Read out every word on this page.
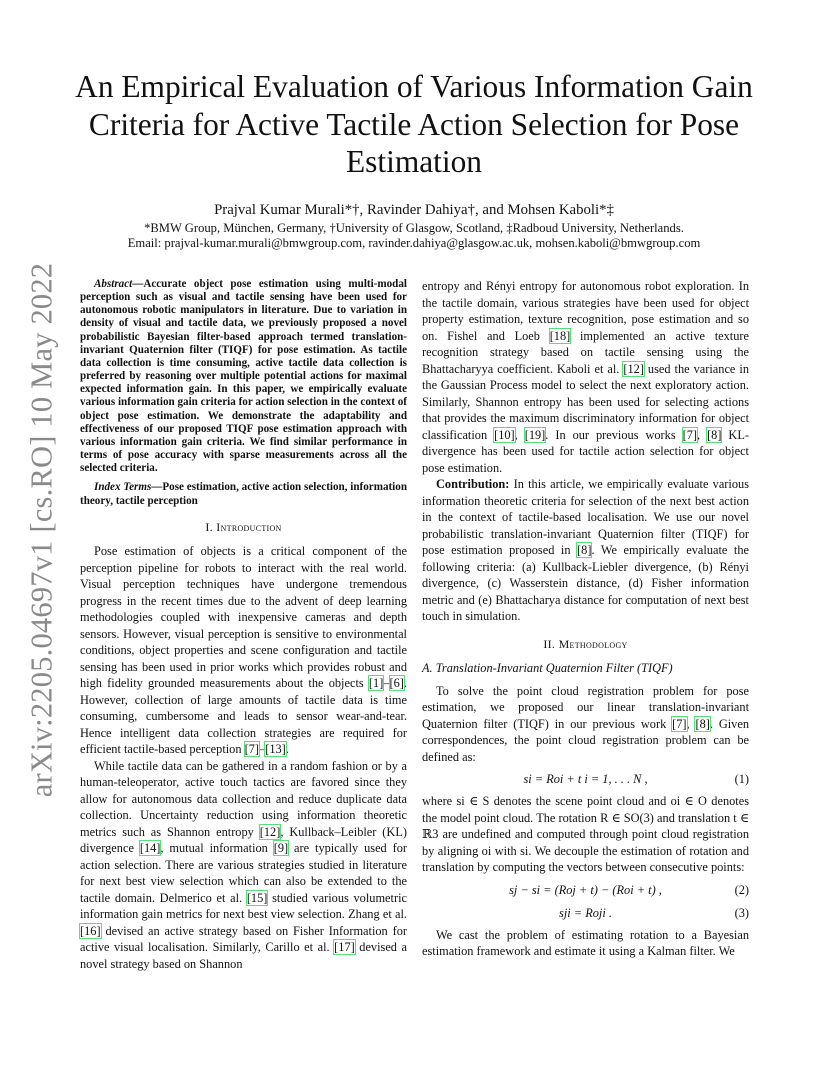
arXiv:2205.04697v1 [cs.RO] 10 May 2022
An Empirical Evaluation of Various Information Gain Criteria for Active Tactile Action Selection for Pose Estimation
Prajval Kumar Murali*†, Ravinder Dahiya†, and Mohsen Kaboli*‡
*BMW Group, München, Germany, †University of Glasgow, Scotland, ‡Radboud University, Netherlands.
Email: prajval-kumar.murali@bmwgroup.com, ravinder.dahiya@glasgow.ac.uk, mohsen.kaboli@bmwgroup.com

Abstract—Accurate object pose estimation using multi-modal perception such as visual and tactile sensing have been used for autonomous robotic manipulators in literature. Due to variation in density of visual and tactile data, we previously proposed a novel probabilistic Bayesian filter-based approach termed translation-invariant Quaternion filter (TIQF) for pose estimation. As tactile data collection is time consuming, active tactile data collection is preferred by reasoning over multiple potential actions for maximal expected information gain. In this paper, we empirically evaluate various information gain criteria for action selection in the context of object pose estimation. We demonstrate the adaptability and effectiveness of our proposed TIQF pose estimation approach with various information gain criteria. We find similar performance in terms of pose accuracy with sparse measurements across all the selected criteria.

Index Terms—Pose estimation, active action selection, information theory, tactile perception

I. Introduction

Pose estimation of objects is a critical component of the perception pipeline for robots to interact with the real world. Visual perception techniques have undergone tremendous progress in the recent times due to the advent of deep learning methodologies coupled with inexpensive cameras and depth sensors. However, visual perception is sensitive to environmental conditions, object properties and scene configuration and tactile sensing has been used in prior works which provides robust and high fidelity grounded measurements about the objects [1]–[6]. However, collection of large amounts of tactile data is time consuming, cumbersome and leads to sensor wear-and-tear. Hence intelligent data collection strategies are required for efficient tactile-based perception [7]–[13].

While tactile data can be gathered in a random fashion or by a human-teleoperator, active touch tactics are favored since they allow for autonomous data collection and reduce duplicate data collection. Uncertainty reduction using information theoretic metrics such as Shannon entropy [12], Kullback–Leibler (KL) divergence [14], mutual information [9] are typically used for action selection. There are various strategies studied in literature for next best view selection which can also be extended to the tactile domain. Delmerico et al. [15] studied various volumetric information gain metrics for next best view selection. Zhang et al. [16] devised an active strategy based on Fisher Information for active visual localisation. Similarly, Carillo et al. [17] devised a novel strategy based on Shannon

entropy and Rényi entropy for autonomous robot exploration. In the tactile domain, various strategies have been used for object property estimation, texture recognition, pose estimation and so on. Fishel and Loeb [18] implemented an active texture recognition strategy based on tactile sensing using the Bhattacharyya coefficient. Kaboli et al. [12] used the variance in the Gaussian Process model to select the next exploratory action. Similarly, Shannon entropy has been used for selecting actions that provides the maximum discriminatory information for object classification [10], [19]. In our previous works [7], [8] KL-divergence has been used for tactile action selection for object pose estimation.

Contribution: In this article, we empirically evaluate various information theoretic criteria for selection of the next best action in the context of tactile-based localisation. We use our novel probabilistic translation-invariant Quaternion filter (TIQF) for pose estimation proposed in [8]. We empirically evaluate the following criteria: (a) Kullback-Liebler divergence, (b) Rényi divergence, (c) Wasserstein distance, (d) Fisher information metric and (e) Bhattacharya distance for computation of next best touch in simulation.

II. Methodology
A. Translation-Invariant Quaternion Filter (TIQF)

To solve the point cloud registration problem for pose estimation, we proposed our linear translation-invariant Quaternion filter (TIQF) in our previous work [7], [8]. Given correspondences, the point cloud registration problem can be defined as:

si = Roi + t i = 1, . . . N ,	(1)

where si ∈ S denotes the scene point cloud and oi ∈ O denotes the model point cloud. The rotation R ∈ SO(3) and translation t ∈ ℝ3 are undefined and computed through point cloud registration by aligning oi with si. We decouple the estimation of rotation and translation by computing the vectors between consecutive points:

sj − si = (Roj + t) − (Roi + t) ,	(2)
sji = Roji .	(3)

We cast the problem of estimating rotation to a Bayesian estimation framework and estimate it using a Kalman filter. We
